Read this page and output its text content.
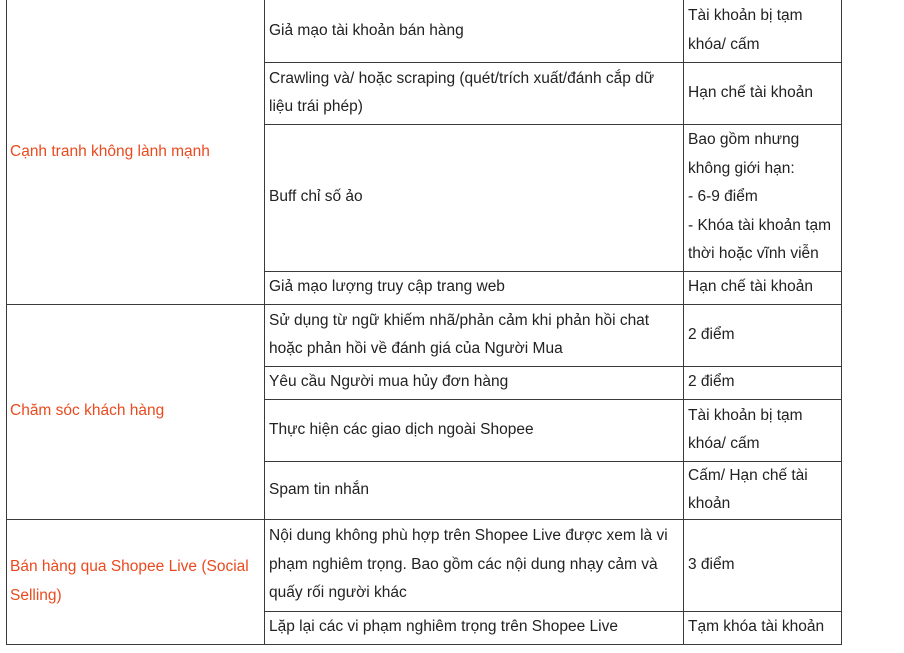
Cạnh tranh không lành mạnh	Giả mạo tài khoản bán hàng	Tài khoản bị tạm khóa/ cấm

	Crawling và/ hoặc scraping (quét/trích xuất/đánh cắp dữ liệu trái phép)	Hạn chế tài khoản

	Buff chỉ số ảo	Bao gồm nhưng không giới hạn:
- 6-9 điểm
- Khóa tài khoản tạm thời hoặc vĩnh viễn

	Giả mạo lượng truy cập trang web	Hạn chế tài khoản

Chăm sóc khách hàng	Sử dụng từ ngữ khiếm nhã/phản cảm khi phản hồi chat hoặc phản hồi về đánh giá của Người Mua	2 điểm

	Yêu cầu Người mua hủy đơn hàng	2 điểm

	Thực hiện các giao dịch ngoài Shopee	Tài khoản bị tạm khóa/ cấm

	Spam tin nhắn	Cấm/ Hạn chế tài khoản

Bán hàng qua Shopee Live (Social Selling)	Nội dung không phù hợp trên Shopee Live được xem là vi phạm nghiêm trọng. Bao gồm các nội dung nhạy cảm và quấy rối người khác	3 điểm

	Lặp lại các vi phạm nghiêm trọng trên Shopee Live	Tạm khóa tài khoản
